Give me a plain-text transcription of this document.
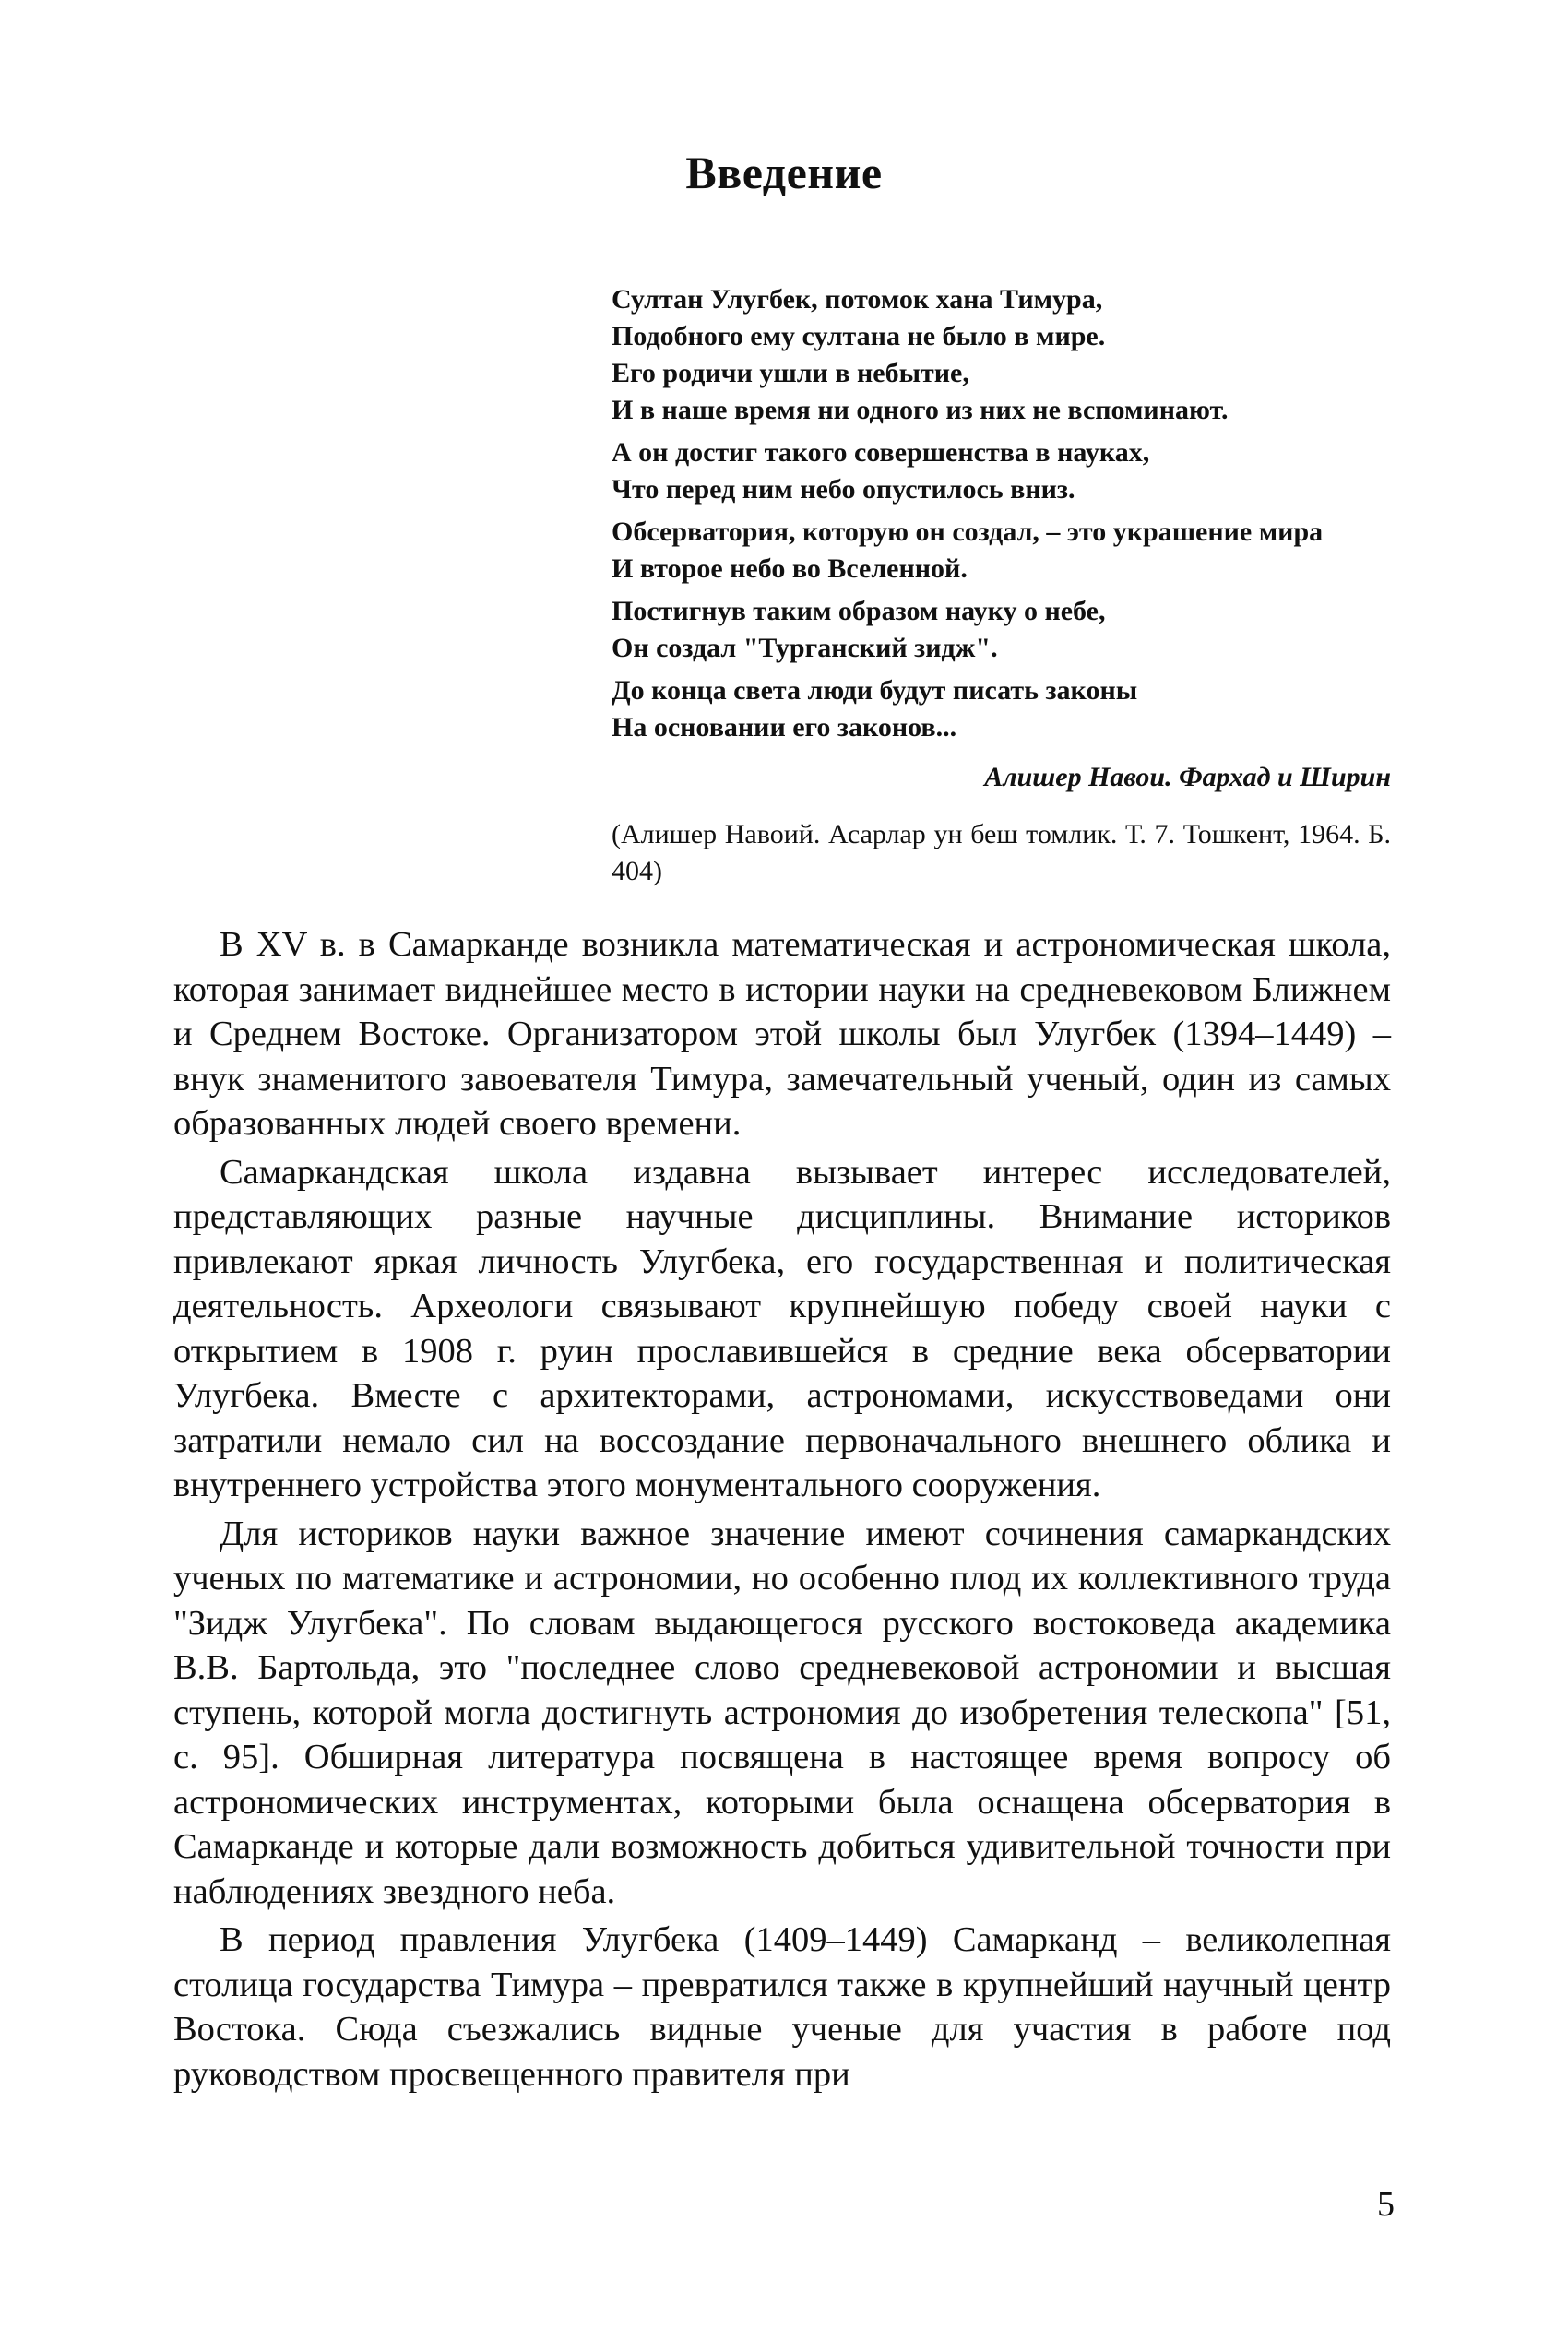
Введение
Султан Улугбек, потомок хана Тимура,
Подобного ему султана не было в мире.
Его родичи ушли в небытие,
И в наше время ни одного из них не вспоминают.
А он достиг такого совершенства в науках,
Что перед ним небо опустилось вниз.
Обсерватория, которую он создал, – это украшение мира
И второе небо во Вселенной.
Постигнув таким образом науку о небе,
Он создал "Турганский зидж".
До конца света люди будут писать законы
На основании его законов...

Алишер Навои. Фархад и Ширин

(Алишер Навоий. Асарлар ун беш томлик. Т. 7. Тошкент, 1964. Б. 404)

В XV в. в Самарканде возникла математическая и астрономическая школа, которая занимает виднейшее место в истории науки на средневековом Ближнем и Среднем Востоке. Организатором этой школы был Улугбек (1394–1449) – внук знаменитого завоевателя Тимура, замечательный ученый, один из самых образованных людей своего времени.

Самаркандская школа издавна вызывает интерес исследователей, представляющих разные научные дисциплины. Внимание историков привлекают яркая личность Улугбека, его государственная и политическая деятельность. Археологи связывают крупнейшую победу своей науки с открытием в 1908 г. руин прославившейся в средние века обсерватории Улугбека. Вместе с архитекторами, астрономами, искусствоведами они затратили немало сил на воссоздание первоначального внешнего облика и внутреннего устройства этого монументального сооружения.

Для историков науки важное значение имеют сочинения самаркандских ученых по математике и астрономии, но особенно плод их коллективного труда "Зидж Улугбека". По словам выдающегося русского востоковеда академика В.В. Бартольда, это "последнее слово средневековой астрономии и высшая ступень, которой могла достигнуть астрономия до изобретения телескопа" [51, с. 95]. Обширная литература посвящена в настоящее время вопросу об астрономических инструментах, которыми была оснащена обсерватория в Самарканде и которые дали возможность добиться удивительной точности при наблюдениях звездного неба.

В период правления Улугбека (1409–1449) Самарканд – великолепная столица государства Тимура – превратился также в крупнейший научный центр Востока. Сюда съезжались видные ученые для участия в работе под руководством просвещенного правителя при

5
